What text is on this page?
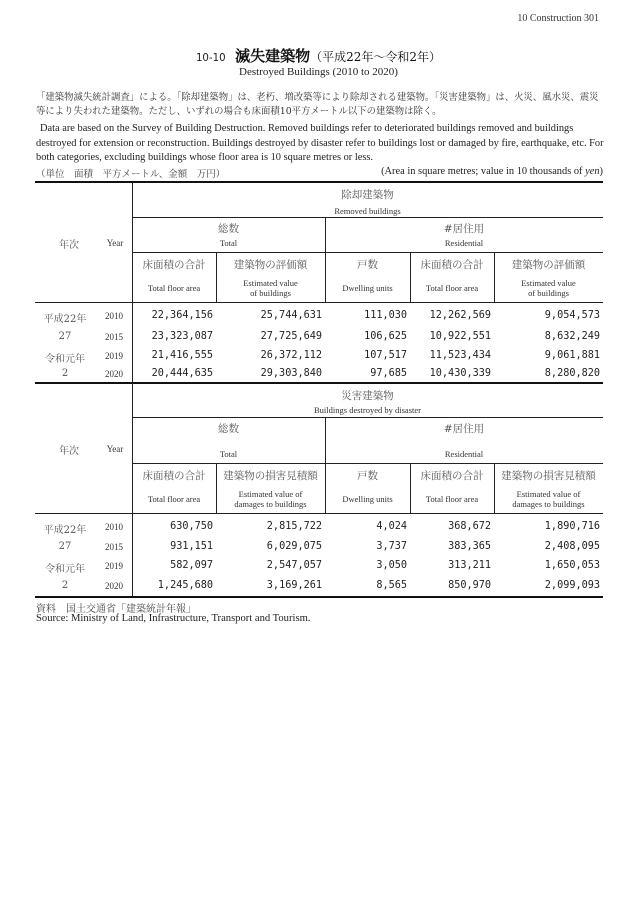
10 Construction 301
10-10 滅失建築物（平成22年～令和2年）
Destroyed Buildings (2010 to 2020)
「建築物滅失統計調査」による。「除却建築物」は、老朽、増改築等により除却される建築物。「災害建築物」は、火災、風水災、震災等により失われた建築物。ただし、いずれの場合も床面積10平方メートル以下の建築物は除く。
Data are based on the Survey of Building Destruction. Removed buildings refer to deteriorated buildings removed and buildings destroyed for extension or reconstruction. Buildings destroyed by disaster refer to buildings lost or damaged by fire, earthquake, etc. For both categories, excluding buildings whose floor area is 10 square metres or less.
（単位　面積　平方メートル、金額　万円）	(Area in square metres; value in 10 thousands of yen)
除却建築物
Removed buildings
総数
Total
#居住用
Residential
床面積の合計
Total floor area
建築物の評価額
Estimated value
of buildings
戸数
Dwelling units
床面積の合計
Total floor area
建築物の評価額
Estimated value
of buildings
年次	Year
平成22年	2010	22,364,156	25,744,631	111,030	12,262,569	9,054,573
27	2015	23,323,087	27,725,649	106,625	10,922,551	8,632,249
令和元年	2019	21,416,555	26,372,112	107,517	11,523,434	9,061,881
2	2020	20,444,635	29,303,840	97,685	10,430,339	8,280,820
災害建築物
Buildings destroyed by disaster
総数
Total
#居住用
Residential
床面積の合計
Total floor area
建築物の損害見積額
Estimated value of
damages to buildings
戸数
Dwelling units
床面積の合計
Total floor area
建築物の損害見積額
Estimated value of
damages to buildings
年次	Year
平成22年	2010	630,750	2,815,722	4,024	368,672	1,890,716
27	2015	931,151	6,029,075	3,737	383,365	2,408,095
令和元年	2019	582,097	2,547,057	3,050	313,211	1,650,053
2	2020	1,245,680	3,169,261	8,565	850,970	2,099,093
資料　国土交通省「建築統計年報」
Source: Ministry of Land, Infrastructure, Transport and Tourism.
